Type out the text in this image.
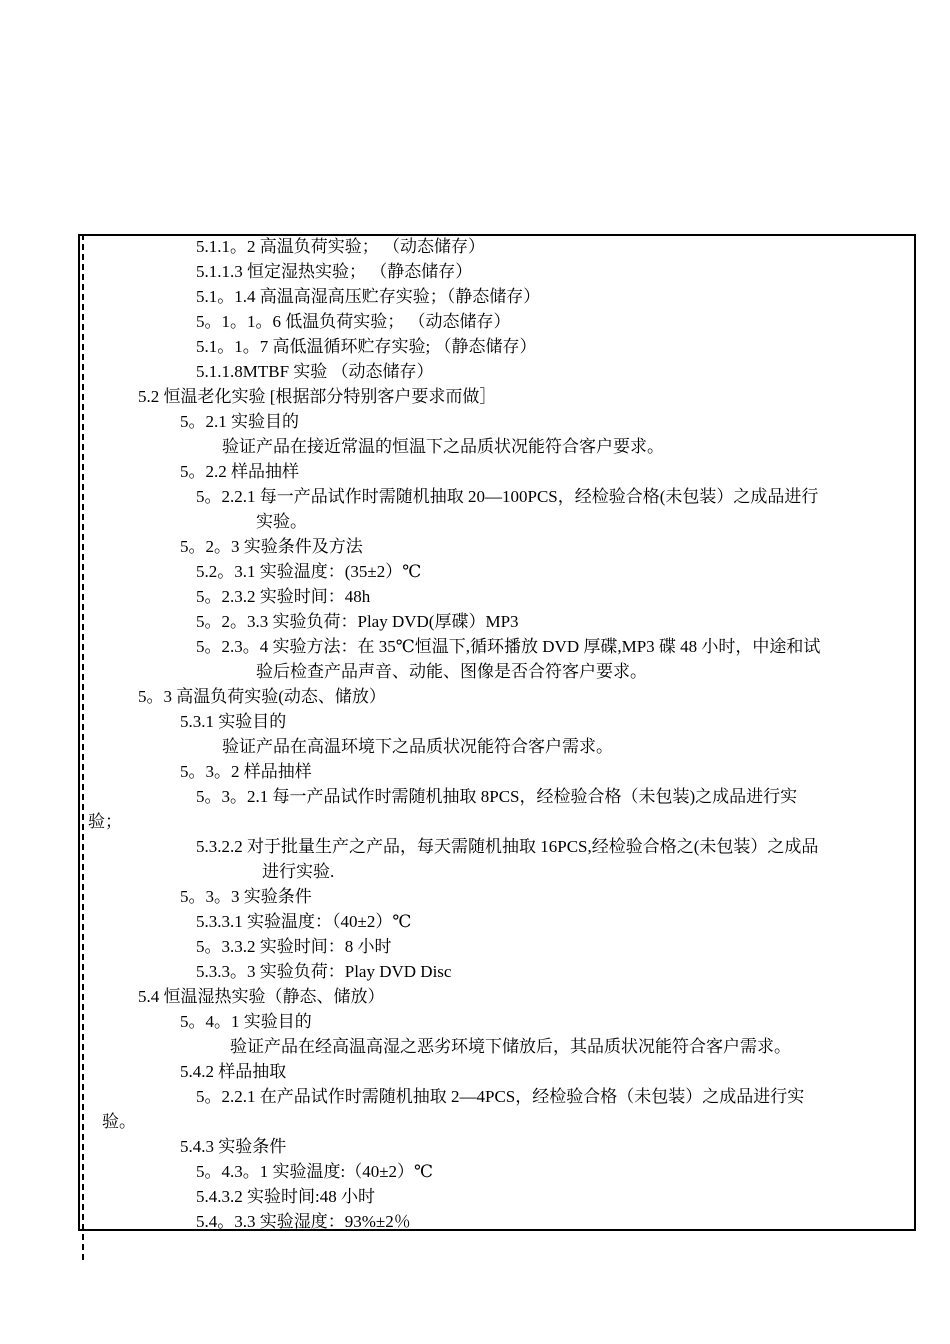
5.1.1。2 高温负荷实验； （动态储存）
5.1.1.3 恒定湿热实验； （静态储存）
5.1。1.4 高温高湿高压贮存实验；（静态储存）
5。1。1。6 低温负荷实验； （动态储存）
5.1。1。7 高低温循环贮存实验; （静态储存）
5.1.1.8MTBF 实验 （动态储存）
5.2 恒温老化实验 [根据部分特别客户要求而做］
5。2.1 实验目的
验证产品在接近常温的恒温下之品质状况能符合客户要求。
5。2.2 样品抽样
5。2.2.1 每一产品试作时需随机抽取 20—100PCS，经检验合格(未包装）之成品进行
实验。
5。2。3 实验条件及方法
5.2。3.1 实验温度：(35±2）℃
5。2.3.2 实验时间：48h
5。2。3.3 实验负荷：Play DVD(厚碟）MP3
5。2.3。4 实验方法：在 35℃恒温下,循环播放 DVD 厚碟,MP3 碟 48 小时，中途和试
验后检查产品声音、动能、图像是否合符客户要求。
5。3 高温负荷实验(动态、储放）
5.3.1 实验目的
验证产品在高温环境下之品质状况能符合客户需求。
5。3。2 样品抽样
5。3。2.1 每一产品试作时需随机抽取 8PCS，经检验合格（未包装)之成品进行实
验；
5.3.2.2 对于批量生产之产品，每天需随机抽取 16PCS,经检验合格之(未包装）之成品
进行实验.
5。3。3 实验条件
5.3.3.1 实验温度：（40±2）℃
5。3.3.2 实验时间：8 小时
5.3.3。3 实验负荷：Play DVD Disc
5.4 恒温湿热实验（静态、储放）
5。4。1 实验目的
验证产品在经高温高湿之恶劣环境下储放后，其品质状况能符合客户需求。
5.4.2 样品抽取
5。2.2.1 在产品试作时需随机抽取 2—4PCS，经检验合格（未包装）之成品进行实
验。
5.4.3 实验条件
5。4.3。1 实验温度:（40±2）℃
5.4.3.2 实验时间:48 小时
5.4。3.3 实验湿度：93%±2％
